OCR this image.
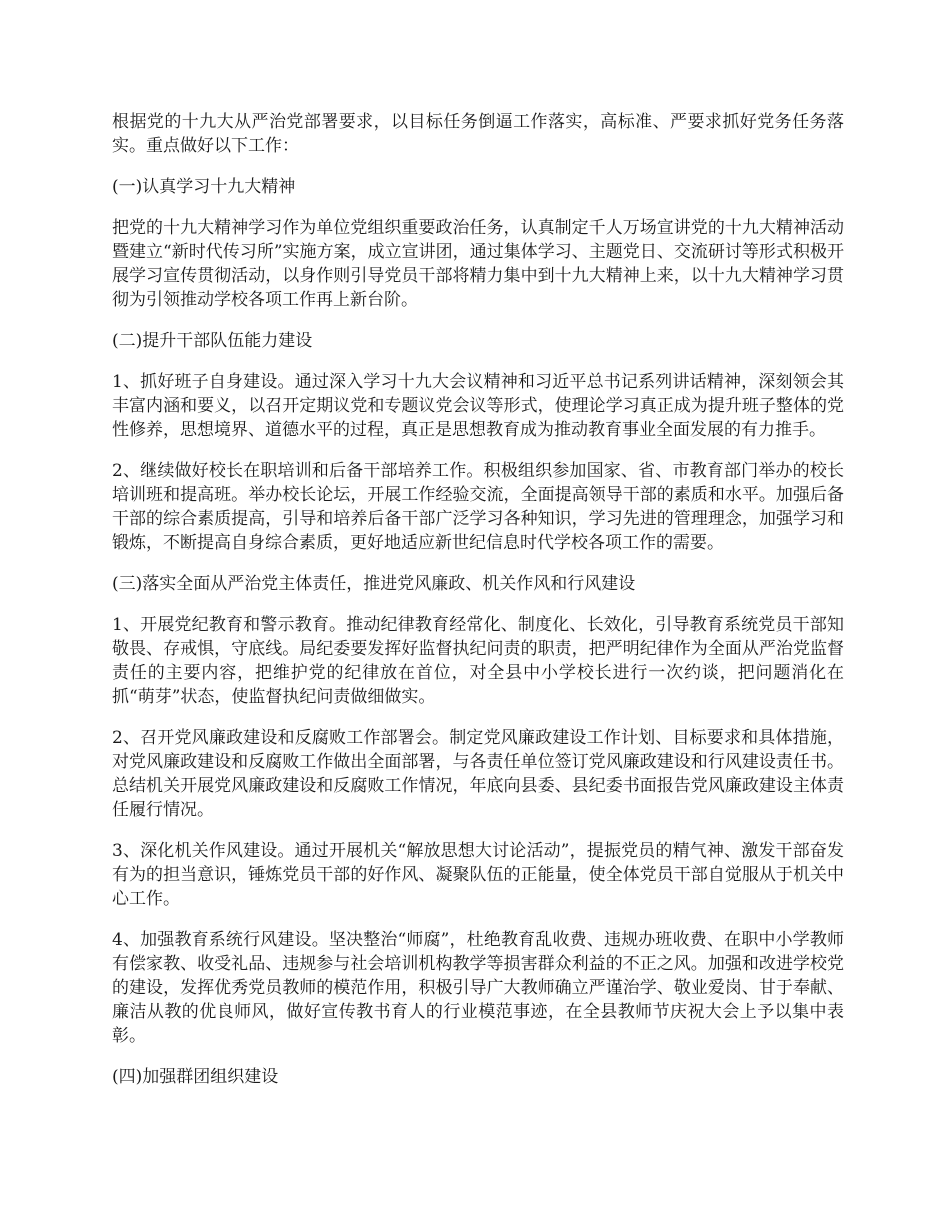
根据党的十九大从严治党部署要求，以目标任务倒逼工作落实，高标准、严要求抓好党务任务落实。重点做好以下工作：

(一)认真学习十九大精神

把党的十九大精神学习作为单位党组织重要政治任务，认真制定千人万场宣讲党的十九大精神活动暨建立“新时代传习所”实施方案，成立宣讲团，通过集体学习、主题党日、交流研讨等形式积极开展学习宣传贯彻活动，以身作则引导党员干部将精力集中到十九大精神上来，以十九大精神学习贯彻为引领推动学校各项工作再上新台阶。

(二)提升干部队伍能力建设

1、抓好班子自身建设。通过深入学习十九大会议精神和习近平总书记系列讲话精神，深刻领会其丰富内涵和要义，以召开定期议党和专题议党会议等形式，使理论学习真正成为提升班子整体的党性修养，思想境界、道德水平的过程，真正是思想教育成为推动教育事业全面发展的有力推手。

2、继续做好校长在职培训和后备干部培养工作。积极组织参加国家、省、市教育部门举办的校长培训班和提高班。举办校长论坛，开展工作经验交流，全面提高领导干部的素质和水平。加强后备干部的综合素质提高，引导和培养后备干部广泛学习各种知识，学习先进的管理理念，加强学习和锻炼，不断提高自身综合素质，更好地适应新世纪信息时代学校各项工作的需要。

(三)落实全面从严治党主体责任，推进党风廉政、机关作风和行风建设

1、开展党纪教育和警示教育。推动纪律教育经常化、制度化、长效化，引导教育系统党员干部知敬畏、存戒惧，守底线。局纪委要发挥好监督执纪问责的职责，把严明纪律作为全面从严治党监督责任的主要内容，把维护党的纪律放在首位，对全县中小学校长进行一次约谈，把问题消化在抓“萌芽”状态，使监督执纪问责做细做实。

2、召开党风廉政建设和反腐败工作部署会。制定党风廉政建设工作计划、目标要求和具体措施，对党风廉政建设和反腐败工作做出全面部署，与各责任单位签订党风廉政建设和行风建设责任书。总结机关开展党风廉政建设和反腐败工作情况，年底向县委、县纪委书面报告党风廉政建设主体责任履行情况。

3、深化机关作风建设。通过开展机关“解放思想大讨论活动”，提振党员的精气神、激发干部奋发有为的担当意识，锤炼党员干部的好作风、凝聚队伍的正能量，使全体党员干部自觉服从于机关中心工作。

4、加强教育系统行风建设。坚决整治“师腐”，杜绝教育乱收费、违规办班收费、在职中小学教师有偿家教、收受礼品、违规参与社会培训机构教学等损害群众利益的不正之风。加强和改进学校党的建设，发挥优秀党员教师的模范作用，积极引导广大教师确立严谨治学、敬业爱岗、甘于奉献、廉洁从教的优良师风，做好宣传教书育人的行业模范事迹，在全县教师节庆祝大会上予以集中表彰。

(四)加强群团组织建设
